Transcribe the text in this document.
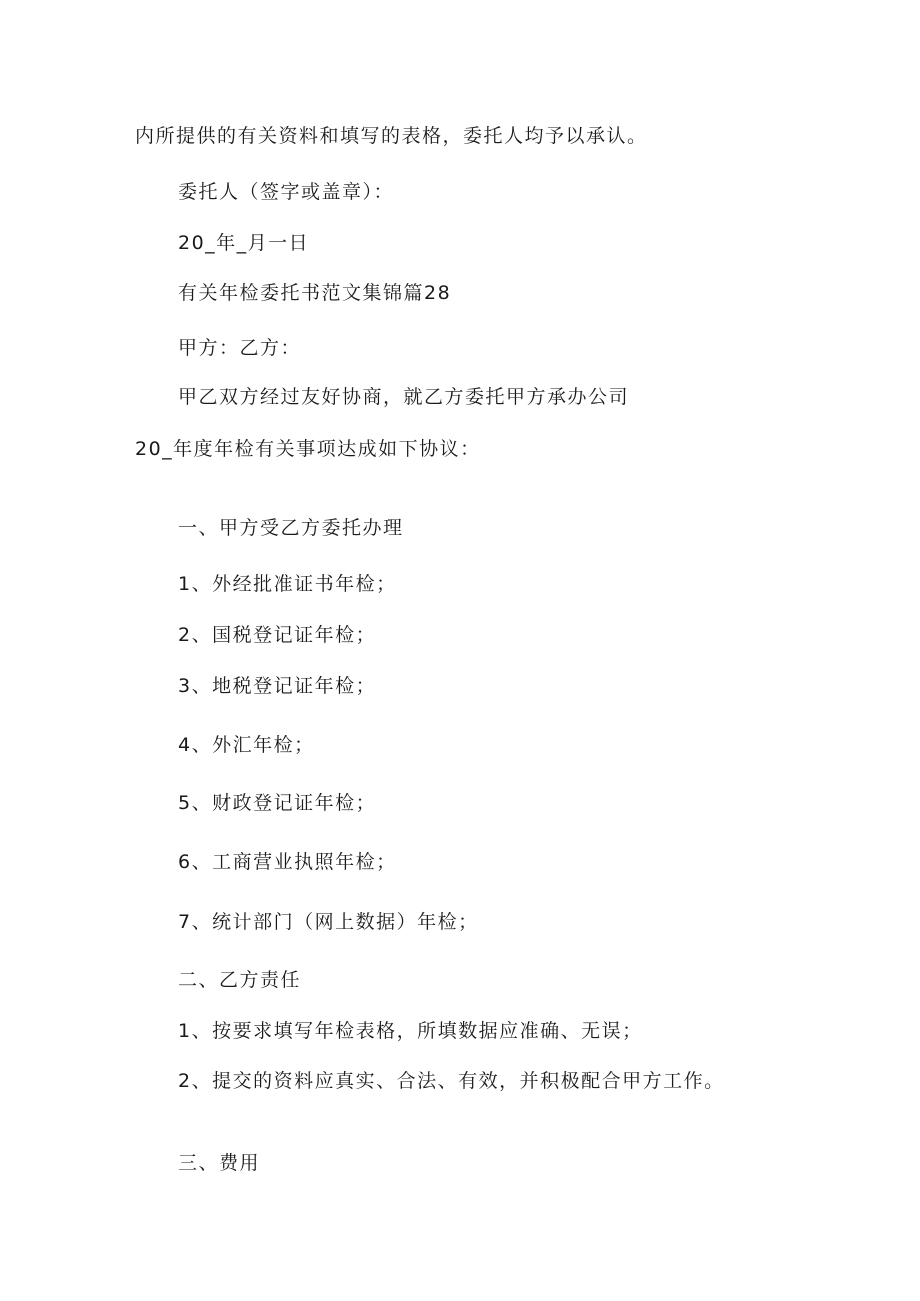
内所提供的有关资料和填写的表格，委托人均予以承认。
委托人（签字或盖章）：
20_年_月一日
有关年检委托书范文集锦篇28
甲方：乙方：
甲乙双方经过友好协商，就乙方委托甲方承办公司
20_年度年检有关事项达成如下协议：
一、甲方受乙方委托办理
1、外经批准证书年检；
2、国税登记证年检；
3、地税登记证年检；
4、外汇年检；
5、财政登记证年检；
6、工商营业执照年检；
7、统计部门（网上数据）年检；
二、乙方责任
1、按要求填写年检表格，所填数据应准确、无误；
2、提交的资料应真实、合法、有效，并积极配合甲方工作。
三、费用
